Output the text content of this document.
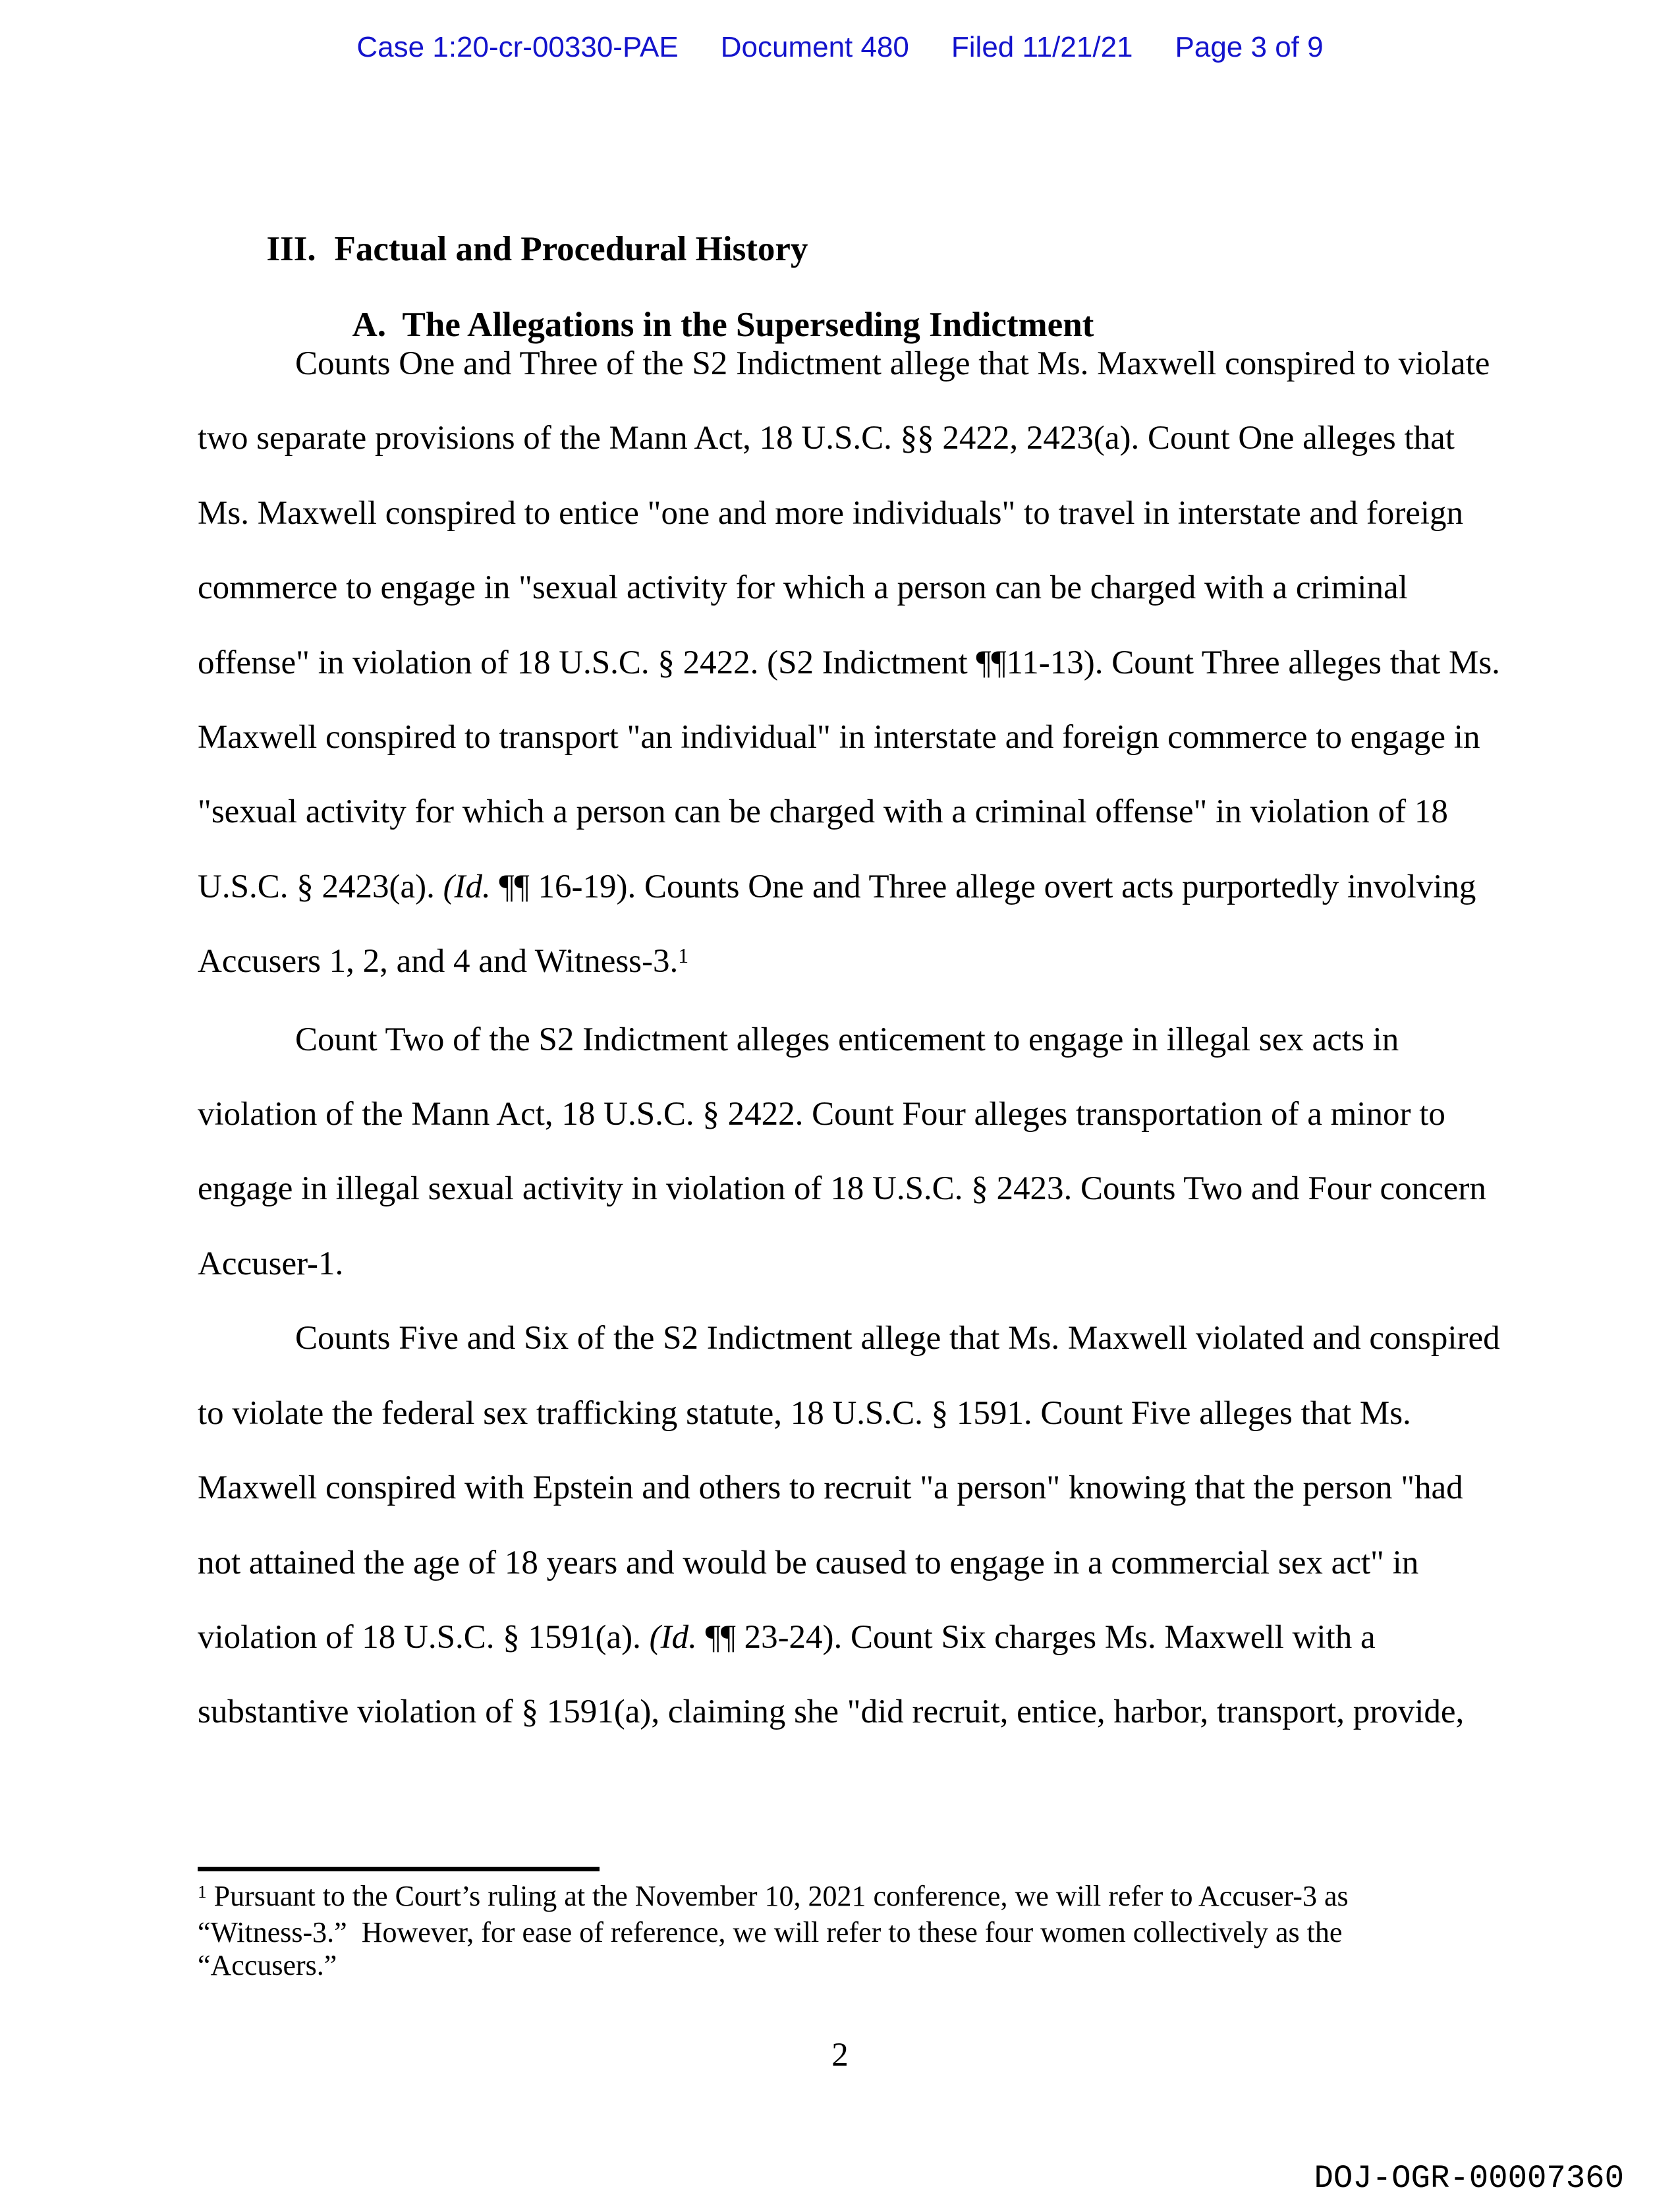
Case 1:20-cr-00330-PAE Document 480 Filed 11/21/21 Page 3 of 9

III. Factual and Procedural History

A. The Allegations in the Superseding Indictment

Counts One and Three of the S2 Indictment allege that Ms. Maxwell conspired to violate
two separate provisions of the Mann Act, 18 U.S.C. §§ 2422, 2423(a). Count One alleges that
Ms. Maxwell conspired to entice "one and more individuals" to travel in interstate and foreign
commerce to engage in "sexual activity for which a person can be charged with a criminal
offense" in violation of 18 U.S.C. § 2422. (S2 Indictment ¶¶11-13). Count Three alleges that Ms.
Maxwell conspired to transport "an individual" in interstate and foreign commerce to engage in
"sexual activity for which a person can be charged with a criminal offense" in violation of 18
U.S.C. § 2423(a). (Id. ¶¶ 16-19). Counts One and Three allege overt acts purportedly involving
Accusers 1, 2, and 4 and Witness-3.$^1$
Count Two of the S2 Indictment alleges enticement to engage in illegal sex acts in
violation of the Mann Act, 18 U.S.C. § 2422. Count Four alleges transportation of a minor to
engage in illegal sexual activity in violation of 18 U.S.C. § 2423. Counts Two and Four concern
Accuser-1.
Counts Five and Six of the S2 Indictment allege that Ms. Maxwell violated and conspired
to violate the federal sex trafficking statute, 18 U.S.C. § 1591. Count Five alleges that Ms.
Maxwell conspired with Epstein and others to recruit "a person" knowing that the person "had
not attained the age of 18 years and would be caused to engage in a commercial sex act" in
violation of 18 U.S.C. § 1591(a). (Id. ¶¶ 23-24). Count Six charges Ms. Maxwell with a
substantive violation of § 1591(a), claiming she "did recruit, entice, harbor, transport, provide,
$^1$ Pursuant to the Court’s ruling at the November 10, 2021 conference, we will refer to Accuser-3 as
“Witness-3.”  However, for ease of reference, we will refer to these four women collectively as the
“Accusers.”
2
DOJ-OGR-00007360
